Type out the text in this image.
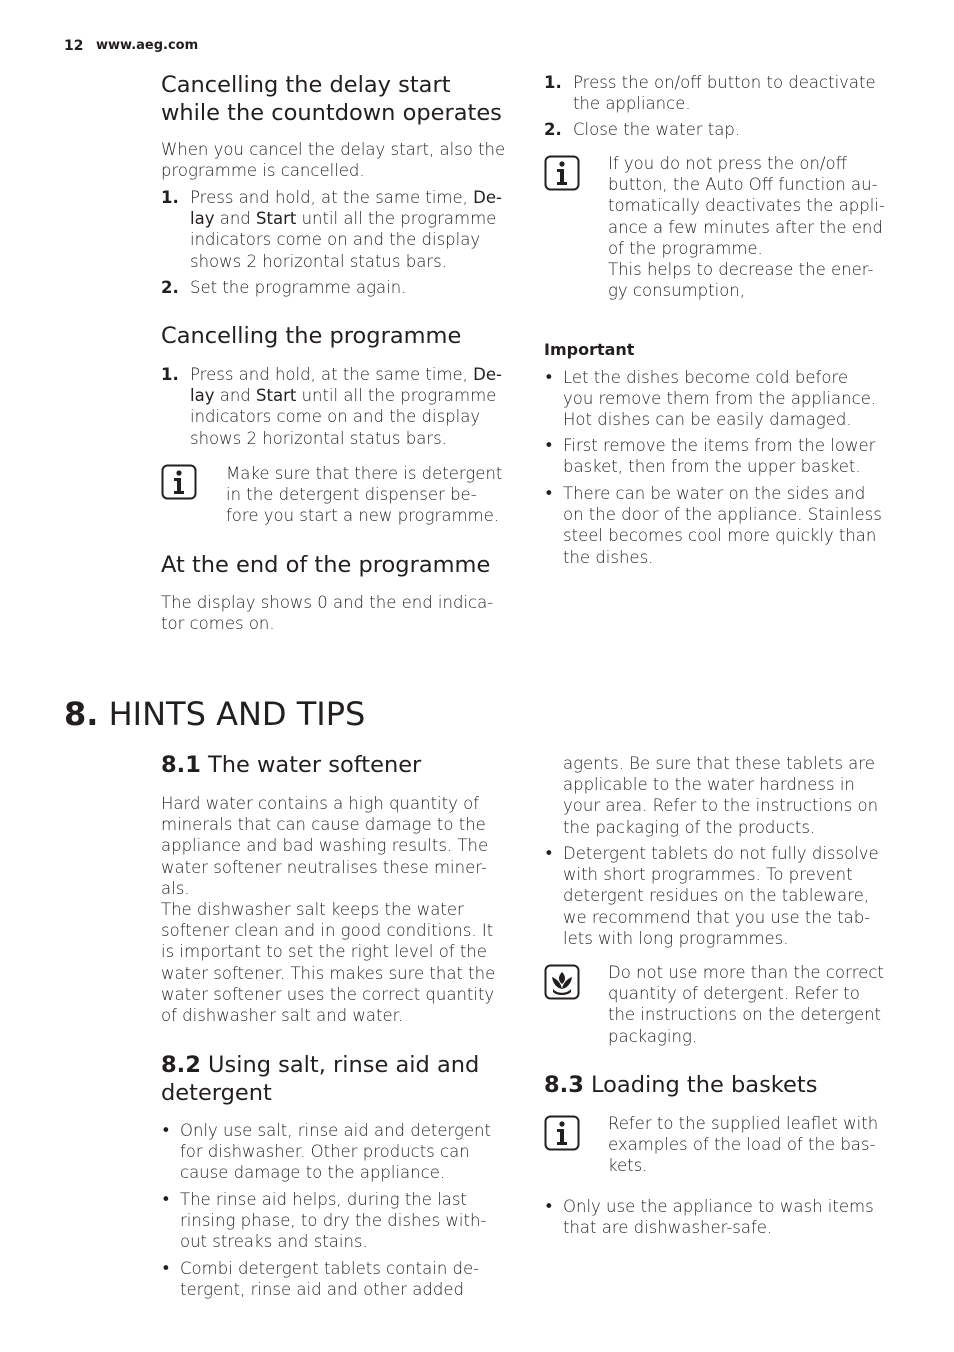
12 www.aeg.com
Cancelling the delay start
while the countdown operates

When you cancel the delay start, also the

programme is cancelled.

1. Press and hold, at the same time, De-

lay and Start until all the programme

indicators come on and the display

shows 2 horizontal status bars.

2. Set the programme again.

Cancelling the programme
1. Press and hold, at the same time, De-

lay and Start until all the programme

indicators come on and the display

shows 2 horizontal status bars.

Make sure that there is detergent

in the detergent dispenser be-

fore you start a new programme.

At the end of the programme

The display shows 0 and the end indica-

tor comes on.

1. Press the on/off button to deactivate

the appliance.

2. Close the water tap.

If you do not press the on/off

button, the Auto Off function au-

tomatically deactivates the appli-

ance a few minutes after the end

of the programme.

This helps to decrease the ener-

gy consumption,

Important
• Let the dishes become cold before

you remove them from the appliance.

Hot dishes can be easily damaged.

• First remove the items from the lower

basket, then from the upper basket.

• There can be water on the sides and

on the door of the appliance. Stainless

steel becomes cool more quickly than

the dishes.

8. HINTS AND TIPS
8.1 The water softener

Hard water contains a high quantity of

minerals that can cause damage to the

appliance and bad washing results. The

water softener neutralises these miner-

als.

The dishwasher salt keeps the water

softener clean and in good conditions. It

is important to set the right level of the

water softener. This makes sure that the

water softener uses the correct quantity

of dishwasher salt and water.

8.2 Using salt, rinse aid and
detergent
• Only use salt, rinse aid and detergent

for dishwasher. Other products can

cause damage to the appliance.

• The rinse aid helps, during the last

rinsing phase, to dry the dishes with-

out streaks and stains.

• Combi detergent tablets contain de-

tergent, rinse aid and other added

agents. Be sure that these tablets are

applicable to the water hardness in

your area. Refer to the instructions on

the packaging of the products.

• Detergent tablets do not fully dissolve

with short programmes. To prevent

detergent residues on the tableware,

we recommend that you use the tab-

lets with long programmes.

Do not use more than the correct

quantity of detergent. Refer to

the instructions on the detergent

packaging.

8.3 Loading the baskets

Refer to the supplied leaflet with

examples of the load of the bas-

kets.

• Only use the appliance to wash items

that are dishwasher-safe.
